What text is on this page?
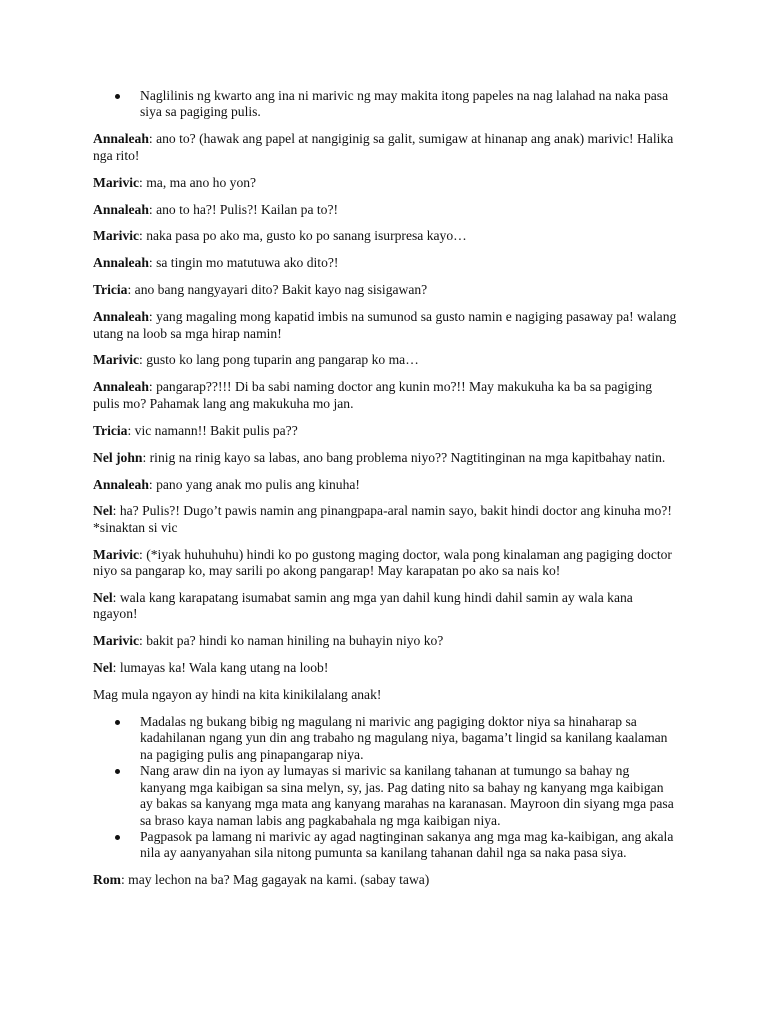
Naglilinis ng kwarto ang ina ni marivic ng may makita itong papeles na nag lalahad na naka pasa siya sa pagiging pulis.

Annaleah: ano to? (hawak ang papel at nangiginig sa galit, sumigaw at hinanap ang anak) marivic! Halika nga rito!

Marivic: ma, ma ano ho yon?

Annaleah: ano to ha?! Pulis?! Kailan pa to?!

Marivic: naka pasa po ako ma, gusto ko po sanang isurpresa kayo…

Annaleah: sa tingin mo matutuwa ako dito?!

Tricia: ano bang nangyayari dito? Bakit kayo nag sisigawan?

Annaleah: yang magaling mong kapatid imbis na sumunod sa gusto namin e nagiging pasaway pa! walang utang na loob sa mga hirap namin!

Marivic: gusto ko lang pong tuparin ang pangarap ko ma…

Annaleah: pangarap??!!! Di ba sabi naming doctor ang kunin mo?!! May makukuha ka ba sa pagiging pulis mo? Pahamak lang ang makukuha mo jan.

Tricia: vic namann!! Bakit pulis pa??

Nel john: rinig na rinig kayo sa labas, ano bang problema niyo?? Nagtitinginan na mga kapitbahay natin.

Annaleah: pano yang anak mo pulis ang kinuha!

Nel: ha? Pulis?! Dugo’t pawis namin ang pinangpapa-aral namin sayo, bakit hindi doctor ang kinuha mo?! *sinaktan si vic

Marivic: (*iyak huhuhuhu) hindi ko po gustong maging doctor, wala pong kinalaman ang pagiging doctor niyo sa pangarap ko, may sarili po akong pangarap! May karapatan po ako sa nais ko!

Nel: wala kang karapatang isumabat samin ang mga yan dahil kung hindi dahil samin ay wala kana ngayon!

Marivic: bakit pa? hindi ko naman hiniling na buhayin niyo ko?

Nel: lumayas ka! Wala kang utang na loob!

Mag mula ngayon ay hindi na kita kinikilalang anak!

Madalas ng bukang bibig ng magulang ni marivic ang pagiging doktor niya sa hinaharap sa kadahilanan ngang yun din ang trabaho ng magulang niya, bagama’t lingid sa kanilang kaalaman na pagiging pulis ang pinapangarap niya.
Nang araw din na iyon ay lumayas si marivic sa kanilang tahanan at tumungo sa bahay ng kanyang mga kaibigan sa sina melyn, sy, jas. Pag dating nito sa bahay ng kanyang mga kaibigan ay bakas sa kanyang mga mata ang kanyang marahas na karanasan. Mayroon din siyang mga pasa sa braso kaya naman labis ang pagkabahala ng mga kaibigan niya.
Pagpasok pa lamang ni marivic ay agad nagtinginan sakanya ang mga mag ka-kaibigan, ang akala nila ay aanyanyahan sila nitong pumunta sa kanilang tahanan dahil nga sa naka pasa siya.

Rom: may lechon na ba? Mag gagayak na kami. (sabay tawa)
